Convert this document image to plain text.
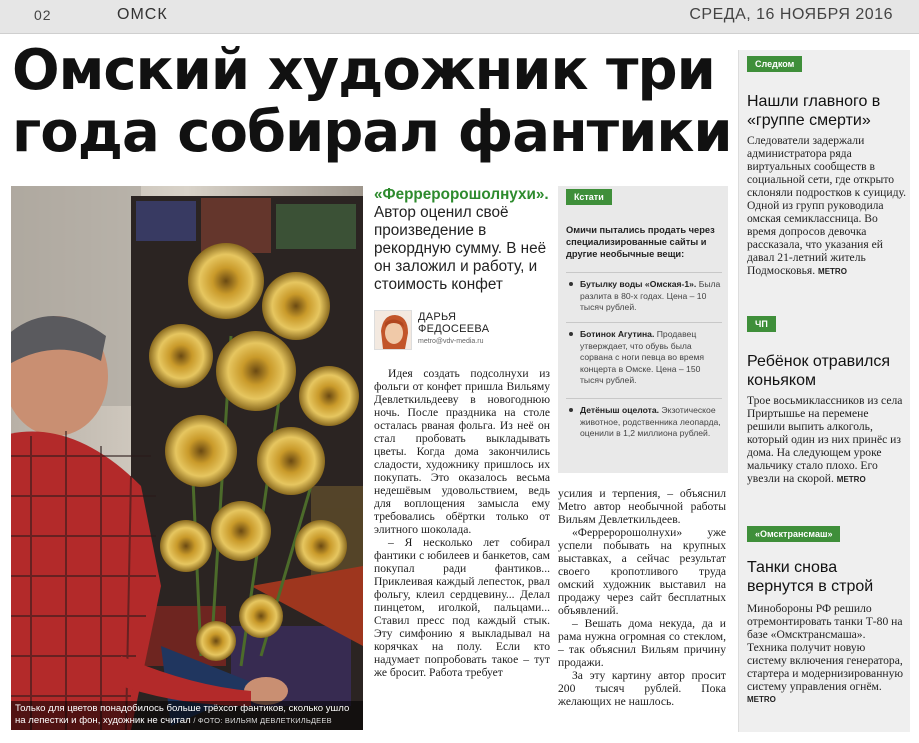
02	ОМСК	СРЕДА, 16 НОЯБРЯ 2016
Омский художник три года собирал фантики
Только для цветов понадобилось больше трёхсот фантиков, сколько ушло на лепестки и фон, художник не считал / ФОТО: ВИЛЬЯМ ДЕВЛЕТКИЛЬДЕЕВ
«Ферреророшолнухи». Автор оценил своё произведение в рекордную сумму. В неё он заложил и работу, и стоимость конфет
ДАРЬЯ
ФЕДОСЕЕВА
metro@vdv-media.ru

Идея создать подсолнухи из фольги от конфет пришла Вильяму Девлеткильдееву в новогоднюю ночь. После праздника на столе осталась рваная фольга. Из неё он стал пробовать выкладывать цветы. Когда дома закончились сладости, художнику пришлось их покупать. Это оказалось весьма недешёвым удовольствием, ведь для воплощения замысла ему требовались обёртки только от элитного шоколада.

– Я несколько лет собирал фантики с юбилеев и банкетов, сам покупал ради фантиков... Приклеивая каждый лепесток, рвал фольгу, клеил сердцевину... Делал пинцетом, иголкой, пальцами... Ставил пресс под каждый стык. Эту симфонию я выкладывал на корячках на полу. Если кто надумает попробовать такое – тут же бросит. Работа требует

Кстати
Омичи пытались продать через специализированные сайты и другие необычные вещи:
Бутылку воды «Омская-1». Была разлита в 80-х годах. Цена – 10 тысяч рублей.
Ботинок Агутина. Продавец утверждает, что обувь была сорвана с ноги певца во время концерта в Омске. Цена – 150 тысяч рублей.
Детёныш оцелота. Экзотическое животное, родственника леопарда, оценили в 1,2 миллиона рублей.

усилия и терпения, – объяснил Metro автор необычной работы Вильям Девлеткильдеев.

«Ферреророшолнухи» уже успели побывать на крупных выставках, а сейчас результат своего кропотливого труда омский художник выставил на продажу через сайт бесплатных объявлений.

– Вешать дома некуда, да и рама нужна огромная со стеклом, – так объяснил Вильям причину продажи.

За эту картину автор просит 200 тысяч рублей. Пока желающих не нашлось.

Следком
Нашли главного в «группе смерти»
Следователи задержали администратора ряда виртуальных сообществ в социальной сети, где открыто склоняли подростков к суициду. Одной из групп руководила омская семиклассница. Во время допросов девочка рассказала, что указания ей давал 21-летний житель Подмосковья. METRO
ЧП
Ребёнок отравился коньяком
Трое восьмиклассников из села Приртышье на перемене решили выпить алкоголь, который один из них принёс из дома. На следующем уроке мальчику стало плохо. Его увезли на скорой. METRO
«Омсктрансмаш»
Танки снова вернутся в строй
Минобороны РФ решило отремонтировать танки Т-80 на базе «Омсктрансмаша». Техника получит новую систему включения генератора, стартера и модернизированную систему управления огнём.
METRO
